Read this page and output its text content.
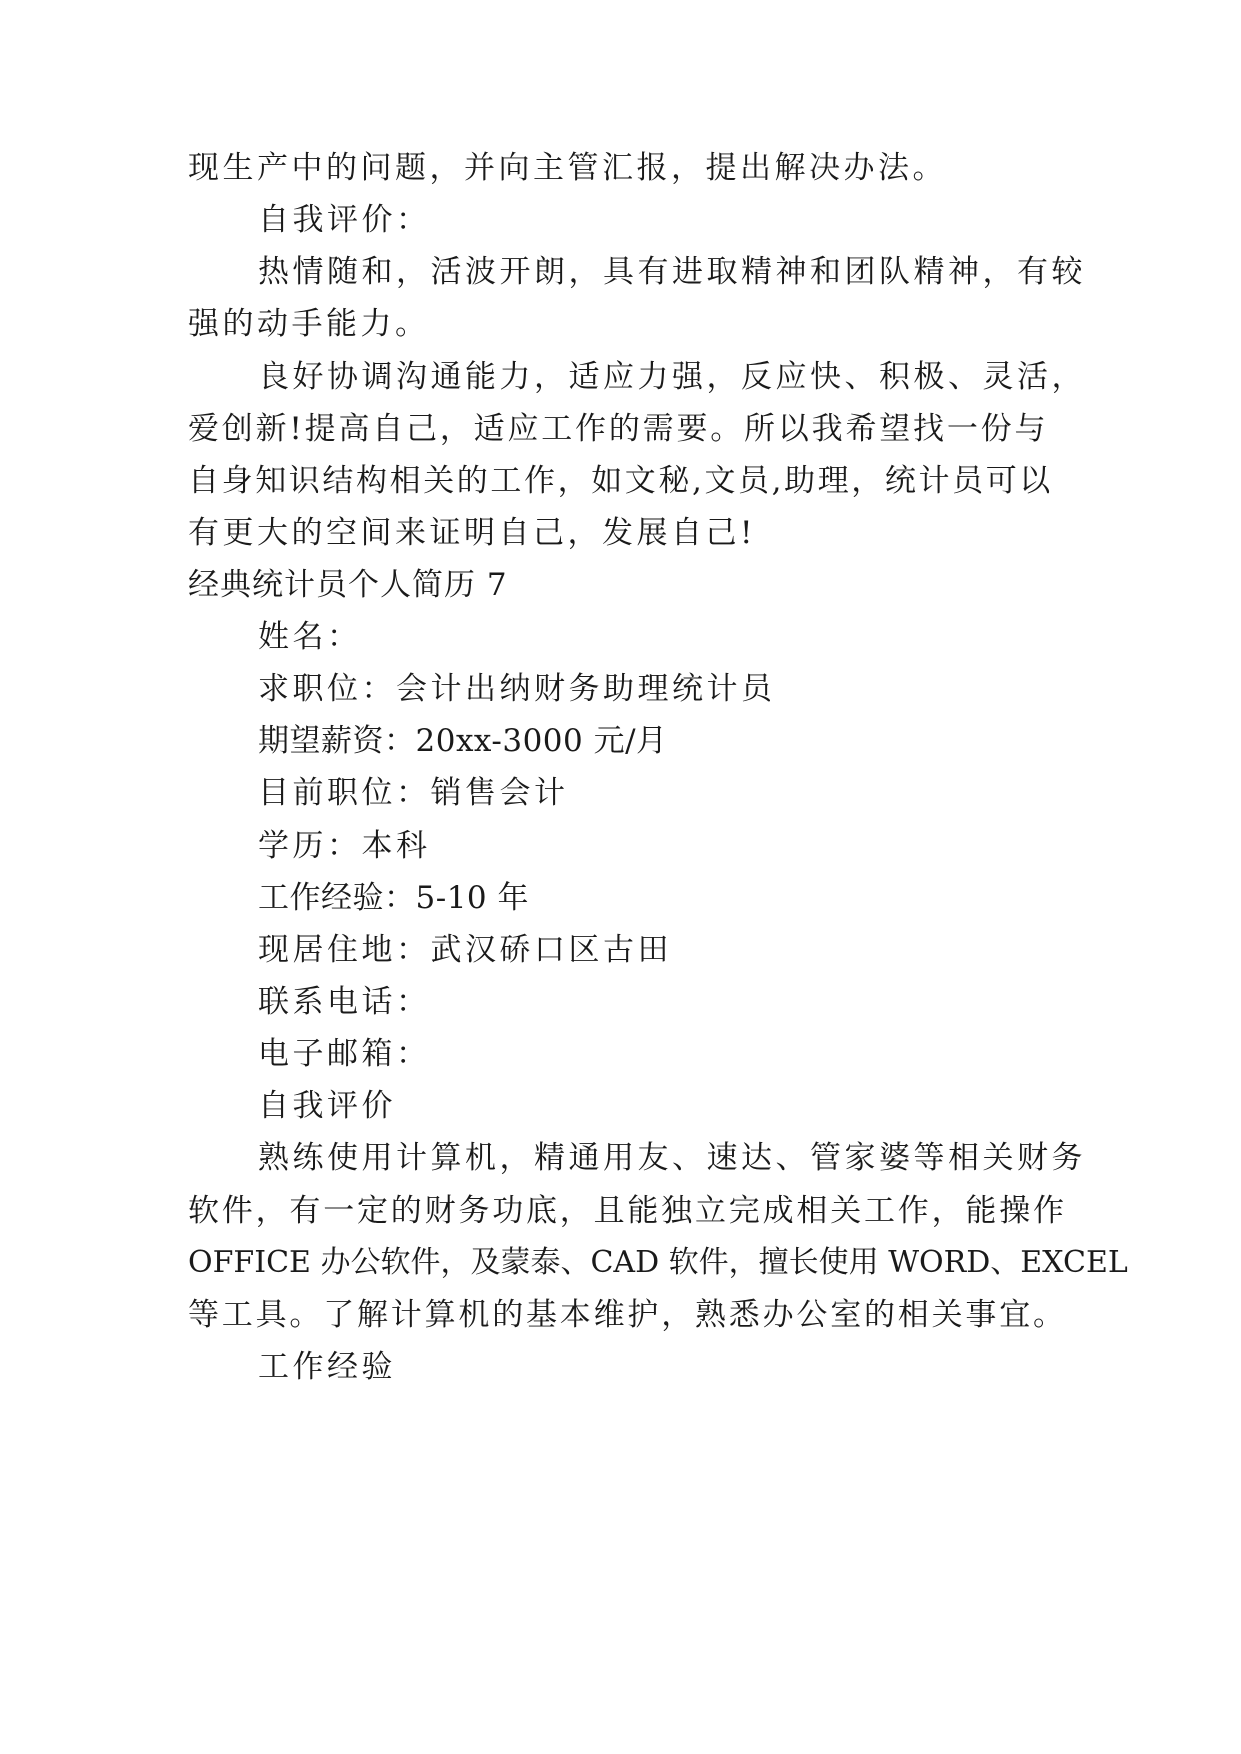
现生产中的问题，并向主管汇报，提出解决办法。
自我评价：
热情随和，活波开朗，具有进取精神和团队精神，有较
强的动手能力。
良好协调沟通能力，适应力强，反应快、积极、灵活，
爱创新!提高自己，适应工作的需要。所以我希望找一份与
自身知识结构相关的工作，如文秘,文员,助理，统计员可以
有更大的空间来证明自己，发展自己!
经典统计员个人简历 7
姓名：
求职位：会计出纳财务助理统计员
期望薪资：20xx-3000 元/月
目前职位：销售会计
学历：本科
工作经验：5-10 年
现居住地：武汉硚口区古田
联系电话：
电子邮箱：
自我评价
熟练使用计算机，精通用友、速达、管家婆等相关财务
软件，有一定的财务功底，且能独立完成相关工作，能操作
OFFICE 办公软件，及蒙泰、CAD 软件，擅长使用 WORD、EXCEL
等工具。了解计算机的基本维护，熟悉办公室的相关事宜。
工作经验
